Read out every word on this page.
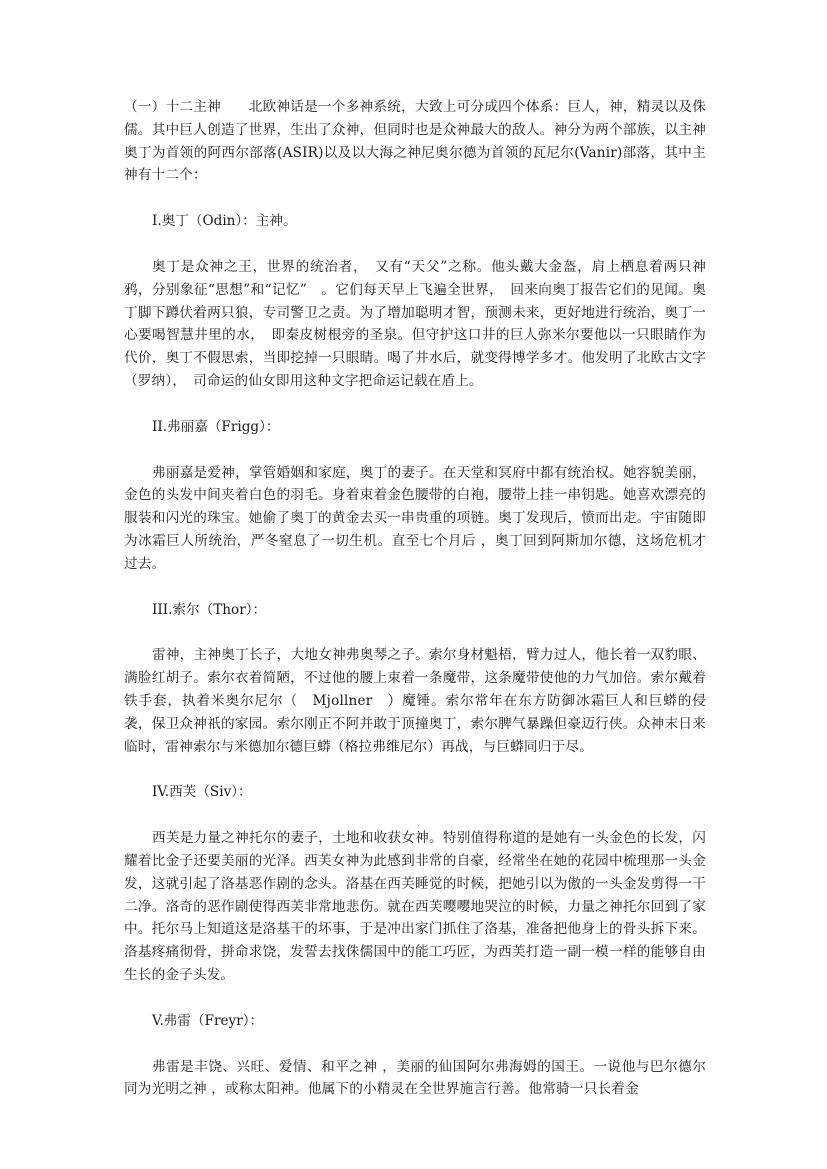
（一）十二主神　　北欧神话是一个多神系统，大致上可分成四个体系：巨人，神，精灵以及侏儒。其中巨人创造了世界，生出了众神，但同时也是众神最大的敌人。神分为两个部族，以主神奥丁为首领的阿西尔部落(ASIR)以及以大海之神尼奥尔德为首领的瓦尼尔(Vanir)部落，其中主神有十二个：

I.奥丁（Odin）：主神。

奥丁是众神之王，世界的统治者，　又有“天父”之称。他头戴大金盔，肩上栖息着两只神鸦，分别象征“思想”和“记忆”　。它们每天早上飞遍全世界，　回来向奥丁报告它们的见闻。奥丁脚下蹲伏着两只狼，专司警卫之责。为了增加聪明才智，预测未来，更好地进行统治，奥丁一心要喝智慧井里的水，　即秦皮树根旁的圣泉。但守护这口井的巨人弥米尔要他以一只眼睛作为代价，奥丁不假思索，当即挖掉一只眼睛。喝了井水后，就变得博学多才。他发明了北欧古文字（罗纳），　司命运的仙女即用这种文字把命运记载在盾上。

II.弗丽嘉（Frigg）：

弗丽嘉是爱神，掌管婚姻和家庭，奥丁的妻子。在天堂和冥府中都有统治权。她容貌美丽，金色的头发中间夹着白色的羽毛。身着束着金色腰带的白袍，腰带上挂一串钥匙。她喜欢漂亮的服装和闪光的珠宝。她偷了奥丁的黄金去买一串贵重的项链。奥丁发现后，愤而出走。宇宙随即为冰霜巨人所统治，严冬窒息了一切生机。直至七个月后 ，奥丁回到阿斯加尔德，这场危机才过去。

III.索尔（Thor）：

雷神，主神奥丁长子，大地女神弗奥琴之子。索尔身材魁梧，臂力过人，他长着一双豹眼、满脸红胡子。索尔衣着简陋，不过他的腰上束着一条魔带，这条魔带使他的力气加倍。索尔戴着铁手套，执着米奥尔尼尔（　Mjollner　）魔锤。索尔常年在东方防御冰霜巨人和巨蟒的侵袭，保卫众神祇的家园。索尔刚正不阿并敢于顶撞奥丁，索尔脾气暴躁但豪迈行侠。众神末日来临时，雷神索尔与米德加尔德巨蟒（格拉弗维尼尔）再战，与巨蟒同归于尽。

IV.西芙（Siv）：

西芙是力量之神托尔的妻子，土地和收获女神。特别值得称道的是她有一头金色的长发，闪耀着比金子还要美丽的光泽。西芙女神为此感到非常的自豪，经常坐在她的花园中梳理那一头金发，这就引起了洛基恶作剧的念头。洛基在西芙睡觉的时候，把她引以为傲的一头金发剪得一干二净。洛奇的恶作剧使得西芙非常地悲伤。就在西芙嘤嘤地哭泣的时候，力量之神托尔回到了家中。托尔马上知道这是洛基干的坏事，于是冲出家门抓住了洛基，准备把他身上的骨头拆下来。洛基疼痛彻骨，拼命求饶，发誓去找侏儒国中的能工巧匠，为西芙打造一副一模一样的能够自由生长的金子头发。

V.弗雷（Freyr）：

弗雷是丰饶、兴旺、爱情、和平之神 ，美丽的仙国阿尔弗海姆的国王。一说他与巴尔德尔同为光明之神 ，或称太阳神。他属下的小精灵在全世界施言行善。他常骑一只长着金
